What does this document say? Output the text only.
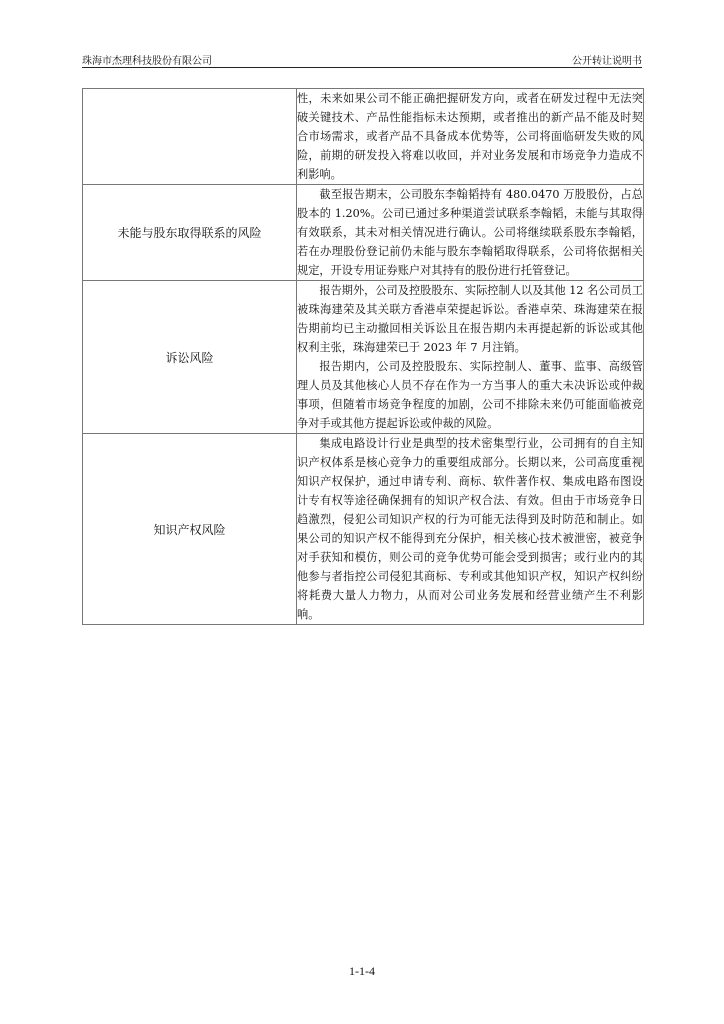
珠海市杰理科技股份有限公司	公开转让说明书

	性，未来如果公司不能正确把握研发方向，或者在研发过程中无法突破关键技术、产品性能指标未达预期，或者推出的新产品不能及时契合市场需求，或者产品不具备成本优势等，公司将面临研发失败的风险，前期的研发投入将难以收回，并对业务发展和市场竞争力造成不利影响。

未能与股东取得联系的风险	截至报告期末，公司股东李翰韬持有 480.0470 万股股份，占总股本的 1.20%。公司已通过多种渠道尝试联系李翰韬，未能与其取得有效联系，其未对相关情况进行确认。公司将继续联系股东李翰韬，若在办理股份登记前仍未能与股东李翰韬取得联系，公司将依据相关规定，开设专用证券账户对其持有的股份进行托管登记。

诉讼风险	报告期外，公司及控股股东、实际控制人以及其他 12 名公司员工被珠海建荣及其关联方香港卓荣提起诉讼。香港卓荣、珠海建荣在报告期前均已主动撤回相关诉讼且在报告期内未再提起新的诉讼或其他权利主张，珠海建荣已于 2023 年 7 月注销。

报告期内，公司及控股股东、实际控制人、董事、监事、高级管理人员及其他核心人员不存在作为一方当事人的重大未决诉讼或仲裁事项，但随着市场竞争程度的加剧，公司不排除未来仍可能面临被竞争对手或其他方提起诉讼或仲裁的风险。

知识产权风险	集成电路设计行业是典型的技术密集型行业，公司拥有的自主知识产权体系是核心竞争力的重要组成部分。长期以来，公司高度重视知识产权保护，通过申请专利、商标、软件著作权、集成电路布图设计专有权等途径确保拥有的知识产权合法、有效。但由于市场竞争日趋激烈，侵犯公司知识产权的行为可能无法得到及时防范和制止。如果公司的知识产权不能得到充分保护，相关核心技术被泄密，被竞争对手获知和模仿，则公司的竞争优势可能会受到损害；或行业内的其他参与者指控公司侵犯其商标、专利或其他知识产权，知识产权纠纷将耗费大量人力物力，从而对公司业务发展和经营业绩产生不利影响。

1-1-4
